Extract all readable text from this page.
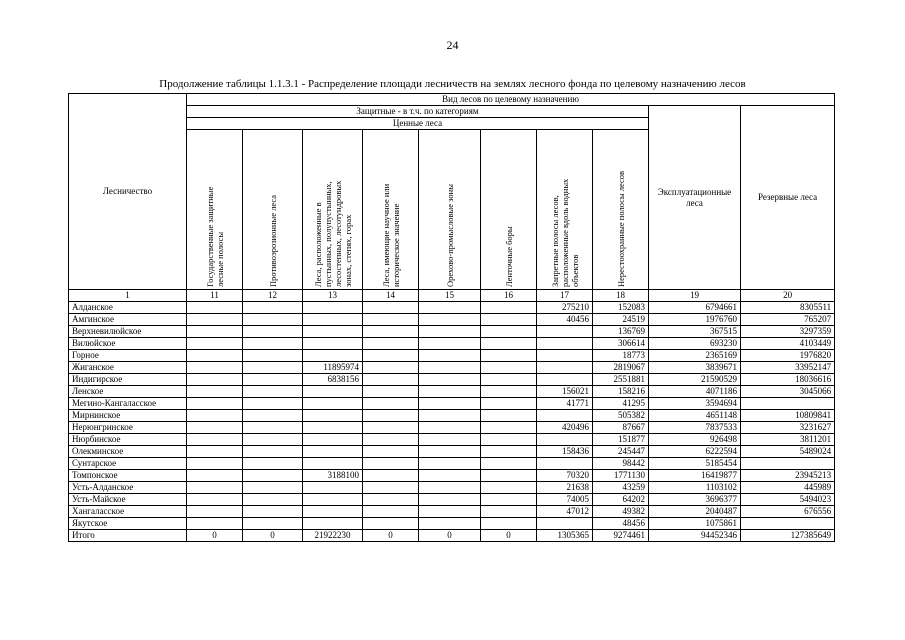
24
Продолжение таблицы 1.1.3.1 - Распределение площади лесничеств на землях лесного фонда по целевому назначению лесов
Лесничество	Вид лесов по целевому назначению									
	Защитные - в т.ч. по категориям								Эксплуатационные леса	Резервные леса
	Ценные леса									

	Государственные защитные лесные полосы	Противоэрозионные леса	Леса, расположенные в пустынных, полупустынных, лесостепных, лесотундровых зонах, степях, горах	Леса, имеющие научное или историческое значение	Орехово-промысловые зоны	Ленточные боры	Запретные полосы лесов, расположенные вдоль водных объектов	Нерестоохранные полосы лесов		

1	11	12	13	14	15	16	17	18	19	20
Алданское							275210	152083	6794661	8305511
Амгинское							40456	24519	1976760	765207
Верхневилюйское								136769	367515	3297359
Вилюйское								306614	693230	4103449
Горное								18773	2365169	1976820
Жиганское			11895974					2819067	3839671	33952147
Индигирское			6838156					2551881	21590529	18036616
Ленское							156021	158216	4071186	3045066
Мегино-Кангаласское							41771	41295	3594694	
Мирнинское								505382	4651148	10809841
Нерюнгринское							420496	87667	7837533	3231627
Нюрбинское								151877	926498	3811201
Олекминское							158436	245447	6222594	5489024
Сунтарское								98442	5185454	
Томпонское			3188100				70320	1771130	16419877	23945213
Усть-Алданское							21638	43259	1103102	445989
Усть-Майское							74005	64202	3696377	5494023
Хангаласское							47012	49382	2040487	676556
Якутское								48456	1075861	
Итого	0	0	21922230	0	0	0	1305365	9274461	94452346	127385649
